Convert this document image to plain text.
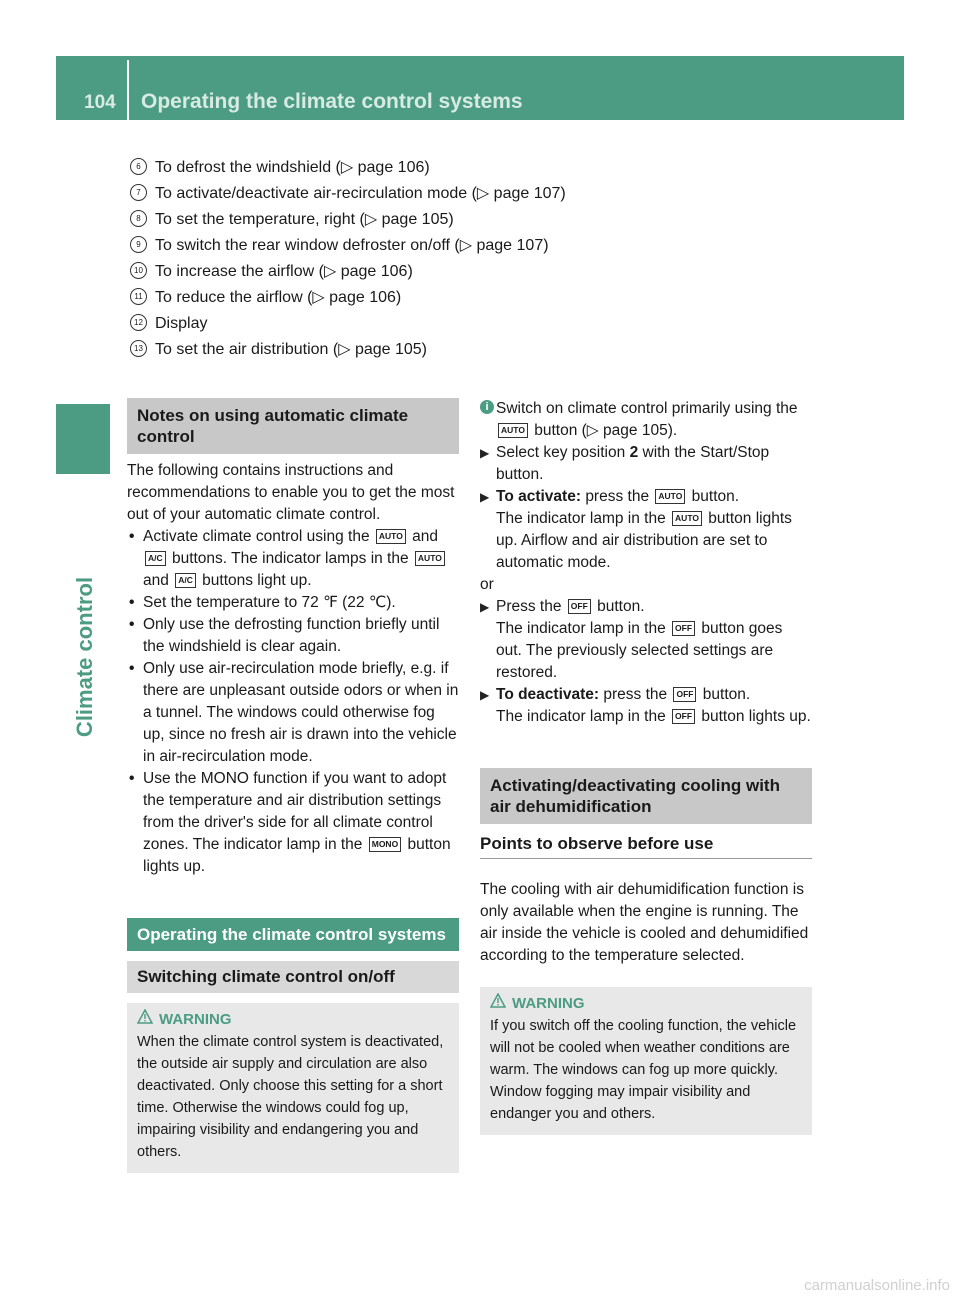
104 Operating the climate control systems
Climate control
6 To defrost the windshield (▷ page 106)
7 To activate/deactivate air-recirculation mode (▷ page 107)
8 To set the temperature, right (▷ page 105)
9 To switch the rear window defroster on/off (▷ page 107)
10 To increase the airflow (▷ page 106)
11 To reduce the airflow (▷ page 106)
12 Display
13 To set the air distribution (▷ page 105)
Notes on using automatic climate control

The following contains instructions and recommendations to enable you to get the most out of your automatic climate control.

• Activate climate control using the AUTO and A/C buttons. The indicator lamps in the AUTO and A/C buttons light up.
• Set the temperature to 72 ℉ (22 ℃).
• Only use the defrosting function briefly until the windshield is clear again.
• Only use air-recirculation mode briefly, e.g. if there are unpleasant outside odors or when in a tunnel. The windows could otherwise fog up, since no fresh air is drawn into the vehicle in air-recirculation mode.
• Use the MONO function if you want to adopt the temperature and air distribution settings from the driver's side for all climate control zones. The indicator lamp in the MONO button lights up.
Operating the climate control systems
Switching climate control on/off
WARNING
When the climate control system is deactivated, the outside air supply and circulation are also deactivated. Only choose this setting for a short time. Otherwise the windows could fog up, impairing visibility and endangering you and others.
i Switch on climate control primarily using the AUTO button (▷ page 105).
▶ Select key position 2 with the Start/Stop button.
▶ To activate: press the AUTO button.
The indicator lamp in the AUTO button lights up. Airflow and air distribution are set to automatic mode.

or

▶ Press the OFF button.
The indicator lamp in the OFF button goes out. The previously selected settings are restored.
▶ To deactivate: press the OFF button.
The indicator lamp in the OFF button lights up.
Activating/deactivating cooling with air dehumidification
Points to observe before use

The cooling with air dehumidification function is only available when the engine is running. The air inside the vehicle is cooled and dehumidified according to the temperature selected.

WARNING
If you switch off the cooling function, the vehicle will not be cooled when weather conditions are warm. The windows can fog up more quickly. Window fogging may impair visibility and endanger you and others.
carmanualsonline.info
